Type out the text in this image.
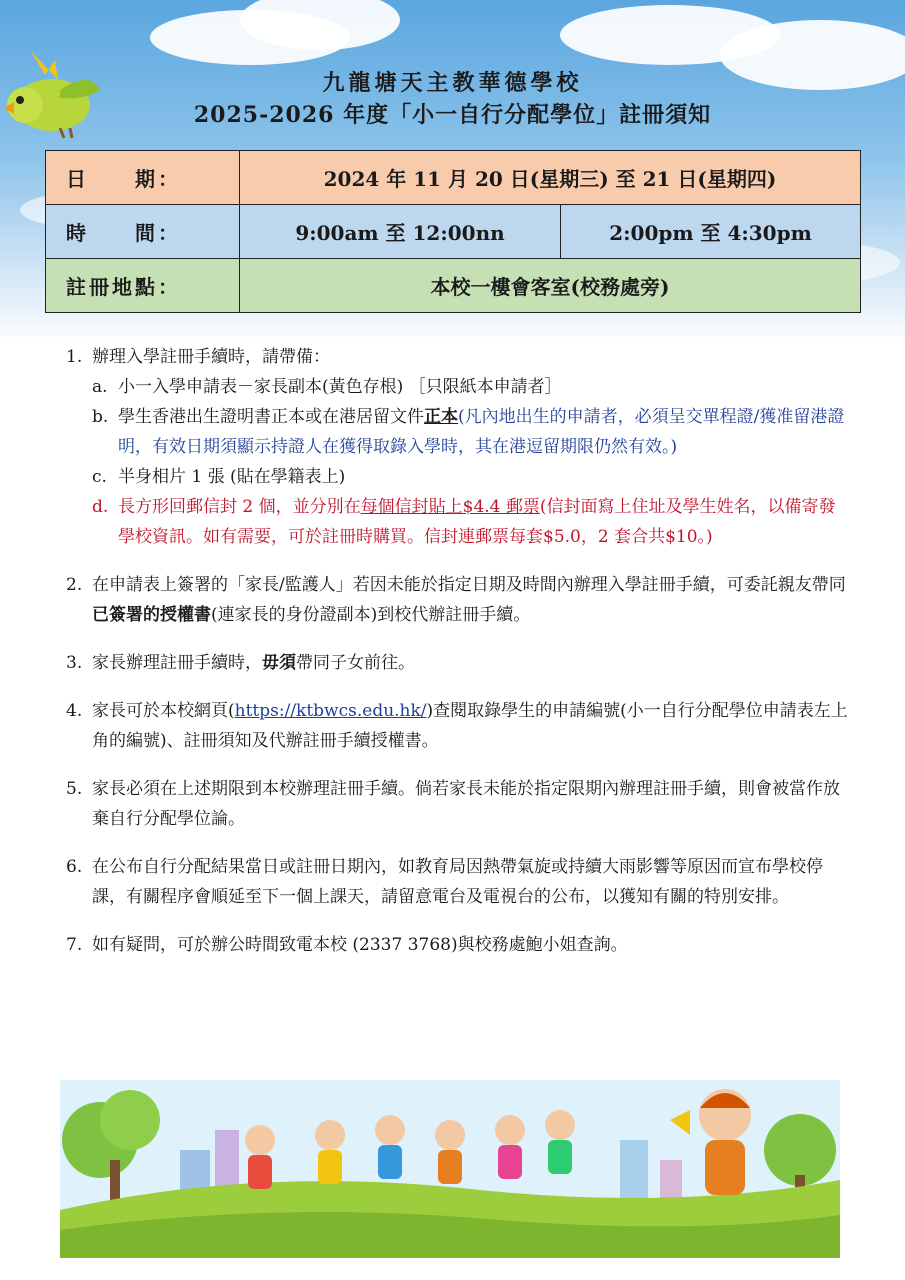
九龍塘天主教華德學校
2025-2026 年度「小一自行分配學位」註冊須知
日　　期：	2024 年 11 月 20 日(星期三) 至 21 日(星期四)	
時　　間：	9:00am 至 12:00nn	2:00pm 至 4:30pm
註冊地點：	本校一樓會客室(校務處旁)	
1. 辦理入學註冊手續時，請帶備：
a. 小一入學申請表－家長副本(黃色存根) ［只限紙本申請者］
b. 學生香港出生證明書正本或在港居留文件正本(凡內地出生的申請者，必須呈交單程證/獲准留港證明，有效日期須顯示持證人在獲得取錄入學時，其在港逗留期限仍然有效。)
c. 半身相片 1 張 (貼在學籍表上)
d. 長方形回郵信封 2 個，並分別在每個信封貼上$4.4 郵票(信封面寫上住址及學生姓名，以備寄發學校資訊。如有需要，可於註冊時購買。信封連郵票每套$5.0，2 套合共$10。)
2. 在申請表上簽署的「家長/監護人」若因未能於指定日期及時間內辦理入學註冊手續，可委託親友帶同已簽署的授權書(連家長的身份證副本)到校代辦註冊手續。
3. 家長辦理註冊手續時，毋須帶同子女前往。
4. 家長可於本校網頁(https://ktbwcs.edu.hk/)查閱取錄學生的申請編號(小一自行分配學位申請表左上角的編號)、註冊須知及代辦註冊手續授權書。
5. 家長必須在上述期限到本校辦理註冊手續。倘若家長未能於指定限期內辦理註冊手續，則會被當作放棄自行分配學位論。
6. 在公布自行分配結果當日或註冊日期內，如教育局因熱帶氣旋或持續大雨影響等原因而宣布學校停課，有關程序會順延至下一個上課天，請留意電台及電視台的公布，以獲知有關的特別安排。
7. 如有疑問，可於辦公時間致電本校 (2337 3768)與校務處鮑小姐查詢。
